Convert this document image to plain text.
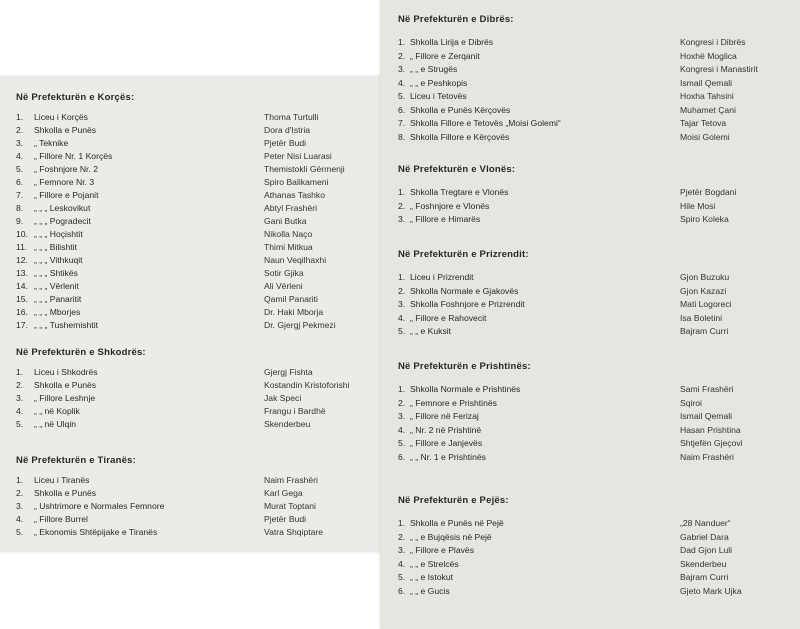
Në Prefekturën e Korçës:
1. Liceu i Korçës	Thoma Turtulli
2. Shkolla e Punës	Dora d'Istria
3. „ Teknike	Pjetër Budi
4. „ Fillore Nr. 1 Korçës	Peter Nisi Luarasi
5. „ Foshnjore Nr. 2	Themistokli Gërmenji
6. „ Femnore Nr. 3	Spiro Balikameni
7. „ Fillore e Pojanit	Athanas Tashko
8. „ „ „ Leskovikut	Abtyl Frashëri
9. „ „ „ Pogradecit	Gani Butka
10. „ „ „ Hoçishtit	Nikolla Naço
11. „ „ „ Bilishtit	Thimi Mitkua
12. „ „ „ Vithkuqit	Naun Veqilhaxhi
13. „ „ „ Shtikës	Sotir Gjika
14. „ „ „ Vërlenit	Ali Vërleni
15. „ „ „ Panaritit	Qamil Panariti
16. „ „ „ Mborjes	Dr. Haki Mborja
17. „ „ „ Tushemishtit	Dr. Gjergj Pekmezi
Në Prefekturën e Shkodrës:
1. Liceu i Shkodrës	Gjergj Fishta
2. Shkolla e Punës	Kostandin Kristoforishi
3. „ Fillore Leshnje	Jak Speci
4. „ „ në Koplik	Frangu i Bardhë
5. „ „ në Ulqin	Skenderbeu
Në Prefekturën e Tiranës:
1. Liceu i Tiranës	Naim Frashëri
2. Shkolla e Punës	Karl Gega
3. „ Ushtrimore e Normales Femnore	Murat Toptani
4. „ Fillore Burrel	Pjetër Budi
5. „ Ekonomis Shtëpijake e Tiranës	Vatra Shqiptare
Në Prefekturën e Dibrës:
1. Shkolla Lirija e Dibrës	Kongresi i Dibrës
2. „ Fillore e Zerqanit	Hoxhë Moglica
3. „ „ e Strugës	Kongresi i Manastirit
4. „ „ e Peshkopis	Ismail Qemali
5. Liceu i Tetovës	Hoxha Tahsini
6. Shkolla e Punës Kërçovës	Muhamet Çani
7. Shkolla Fillore e Tetovës „Moisi Golemi“	Tajar Tetova
8. Shkolla Fillore e Kërçovës	Moisi Golemi
Në Prefekturën e Vlonës:
1. Shkolla Tregtare e Vlonës	Pjetër Bogdani
2. „ Foshnjore e Vlonës	Hile Mosi
3. „ Fillore e Himarës	Spiro Koleka
Në Prefekturën e Prizrendit:
1. Liceu i Prizrendit	Gjon Buzuku
2. Shkolla Normale e Gjakovës	Gjon Kazazi
3. Shkolla Foshnjore e Prizrendit	Mati Logoreci
4. „ Fillore e Rahovecit	Isa Boletini
5. „ „ e Kuksit	Bajram Curri
Në Prefekturën e Prishtinës:
1. Shkolla Normale e Prishtinës	Sami Frashëri
2. „ Femnore e Prishtinës	Sqiroi
3. „ Fillore në Ferizaj	Ismail Qemali
4. „ Nr. 2 në Prishtinë	Hasan Prishtina
5. „ Fillore e Janjevës	Shtjefën Gjeçovi
6. „ „ Nr. 1 e Prishtinës	Naim Frashëri
Në Prefekturën e Pejës:
1. Shkolla e Punës në Pejë	„28 Nanduer“
2. „ „ e Bujqësis në Pejë	Gabriel Dara
3. „ Fillore e Plavës	Dad Gjon Luli
4. „ „ e Strelcës	Skenderbeu
5. „ „ e Istokut	Bajram Curri
6. „ „ e Gucis	Gjeto Mark Ujka
